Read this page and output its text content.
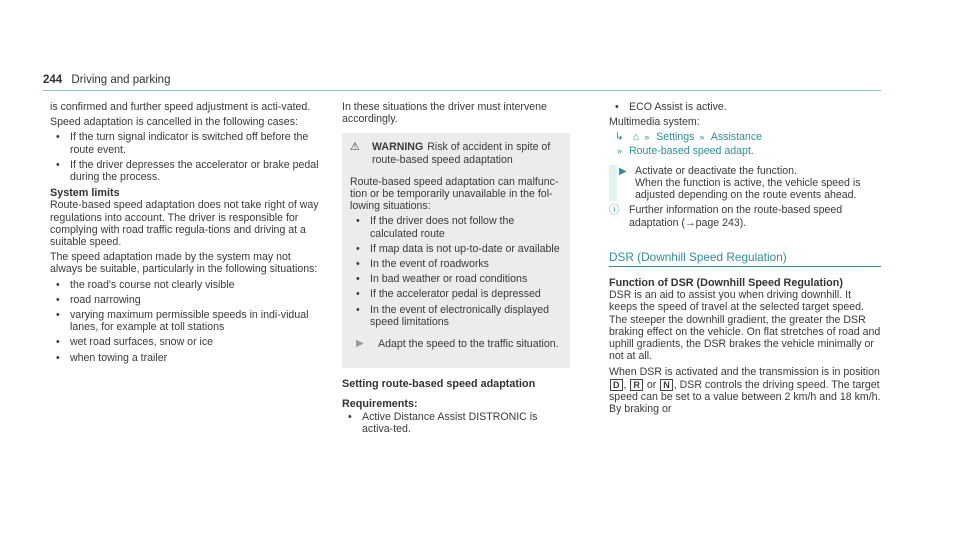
244 Driving and parking

is confirmed and further speed adjustment is acti-vated.

Speed adaptation is cancelled in the following cases:

•
If the turn signal indicator is switched off before the route event.
•
If the driver depresses the accelerator or brake pedal during the process.
System limits

Route-based speed adaptation does not take right of way regulations into account. The driver is responsible for complying with road traffic regula-tions and driving at a suitable speed.

The speed adaptation made by the system may not always be suitable, particularly in the following situations:

•
the road's course not clearly visible
•
road narrowing
•
varying maximum permissible speeds in indi-vidual lanes, for example at toll stations
•
wet road surfaces, snow or ice
•
when towing a trailer

In these situations the driver must intervene accordingly.

⚠	WARNING Risk of accident in spite of route-based speed adaptation

Route-based speed adaptation can malfunc-tion or be temporarily unavailable in the fol-lowing situations:

•
If the driver does not follow the calculated route
•
If map data is not up-to-date or available
•
In the event of roadworks
•
In bad weather or road conditions
•
If the accelerator pedal is depressed
•
In the event of electronically displayed speed limitations
▶	Adapt the speed to the traffic situation.
Setting route-based speed adaptation
Requirements:
•
Active Distance Assist DISTRONIC is activa-ted.
•
ECO Assist is active.

Multimedia system:

↳ ⌂ » Settings » Assistance
» Route-based speed adapt.
▶ Activate or deactivate the function.
When the function is active, the vehicle speed is adjusted depending on the route events ahead.
ⓘ Further information on the route-based speed adaptation (→page 243).
DSR (Downhill Speed Regulation)
Function of DSR (Downhill Speed Regulation)

DSR is an aid to assist you when driving downhill. It keeps the speed of travel at the selected target speed. The steeper the downhill gradient, the greater the DSR braking effect on the vehicle. On flat stretches of road and uphill gradients, the DSR brakes the vehicle minimally or not at all.

When DSR is activated and the transmission is in position D , R or N , DSR controls the driving speed. The target speed can be set to a value between 2 km/h and 18 km/h. By braking or
